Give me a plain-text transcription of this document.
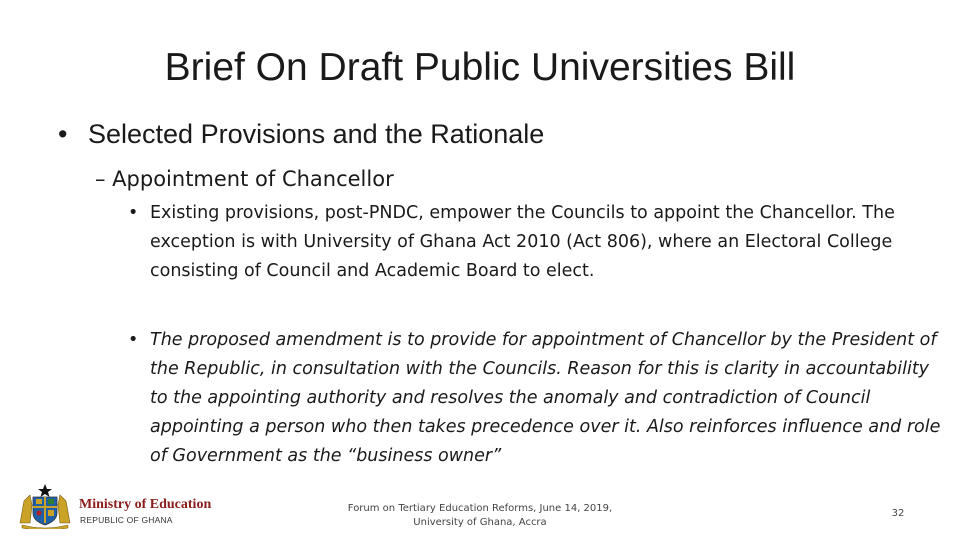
Brief On Draft Public Universities Bill
• Selected Provisions and the Rationale
– Appointment of Chancellor
• Existing provisions, post-PNDC, empower the Councils to appoint the Chancellor. The exception is with University of Ghana Act 2010 (Act 806), where an Electoral College consisting of Council and Academic Board to elect.
• The proposed amendment is to provide for appointment of Chancellor by the President of the Republic, in consultation with the Councils. Reason for this is clarity in accountability to the appointing authority and resolves the anomaly and contradiction of Council appointing a person who then takes precedence over it. Also reinforces influence and role of Government as the “business owner”
Ministry of Education
REPUBLIC OF GHANA
Forum on Tertiary Education Reforms, June 14, 2019,
University of Ghana, Accra
32
